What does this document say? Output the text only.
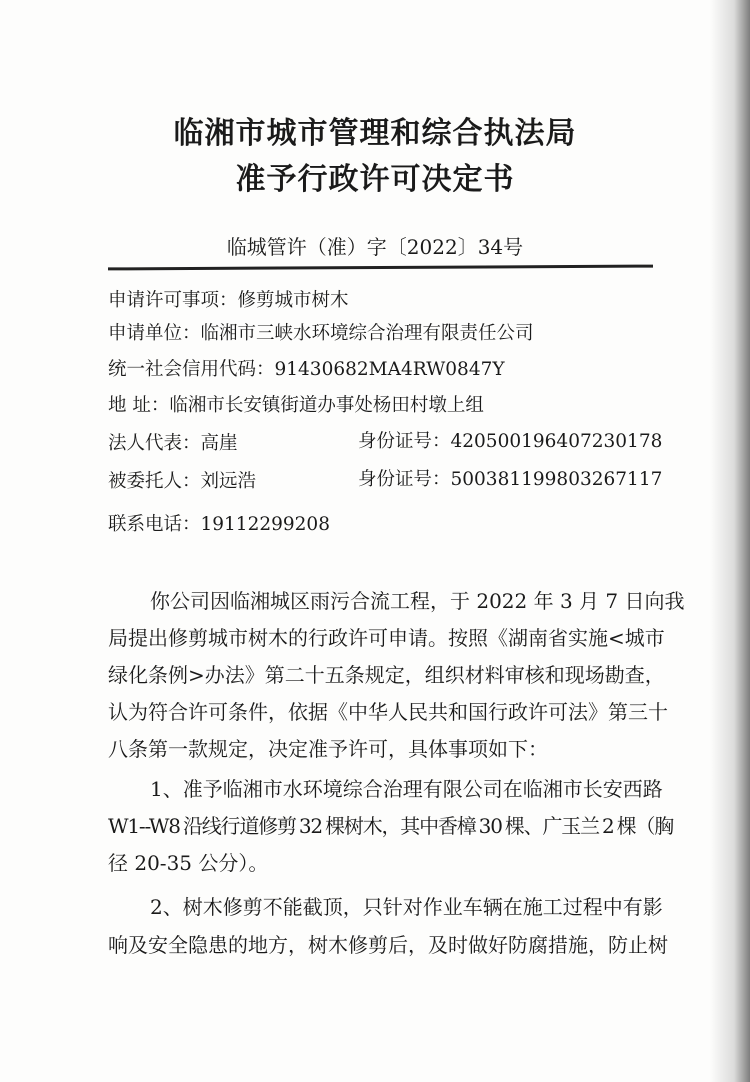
临湘市城市管理和综合执法局
准予行政许可决定书
临城管许（准）字〔2022〕34号
申请许可事项：修剪城市树木
申请单位：临湘市三峡水环境综合治理有限责任公司
统一社会信用代码：91430682MA4RW0847Y
地 址：临湘市长安镇街道办事处杨田村墩上组
法人代表：高崖	身份证号：420500196407230178
被委托人：刘远浩	身份证号：500381199803267117
联系电话：19112299208
你公司因临湘城区雨污合流工程，于 2022 年 3 月 7 日向我
局提出修剪城市树木的行政许可申请。按照《湖南省实施<城市
绿化条例>办法》第二十五条规定，组织材料审核和现场勘查，
认为符合许可条件，依据《中华人民共和国行政许可法》第三十
八条第一款规定，决定准予许可，具体事项如下：
1、准予临湘市水环境综合治理有限公司在临湘市长安西路
W1--W8 沿线行道修剪 32 棵树木，其中香樟 30 棵、广玉兰 2 棵（胸
径 20-35 公分）。
2、树木修剪不能截顶，只针对作业车辆在施工过程中有影
响及安全隐患的地方，树木修剪后，及时做好防腐措施，防止树
